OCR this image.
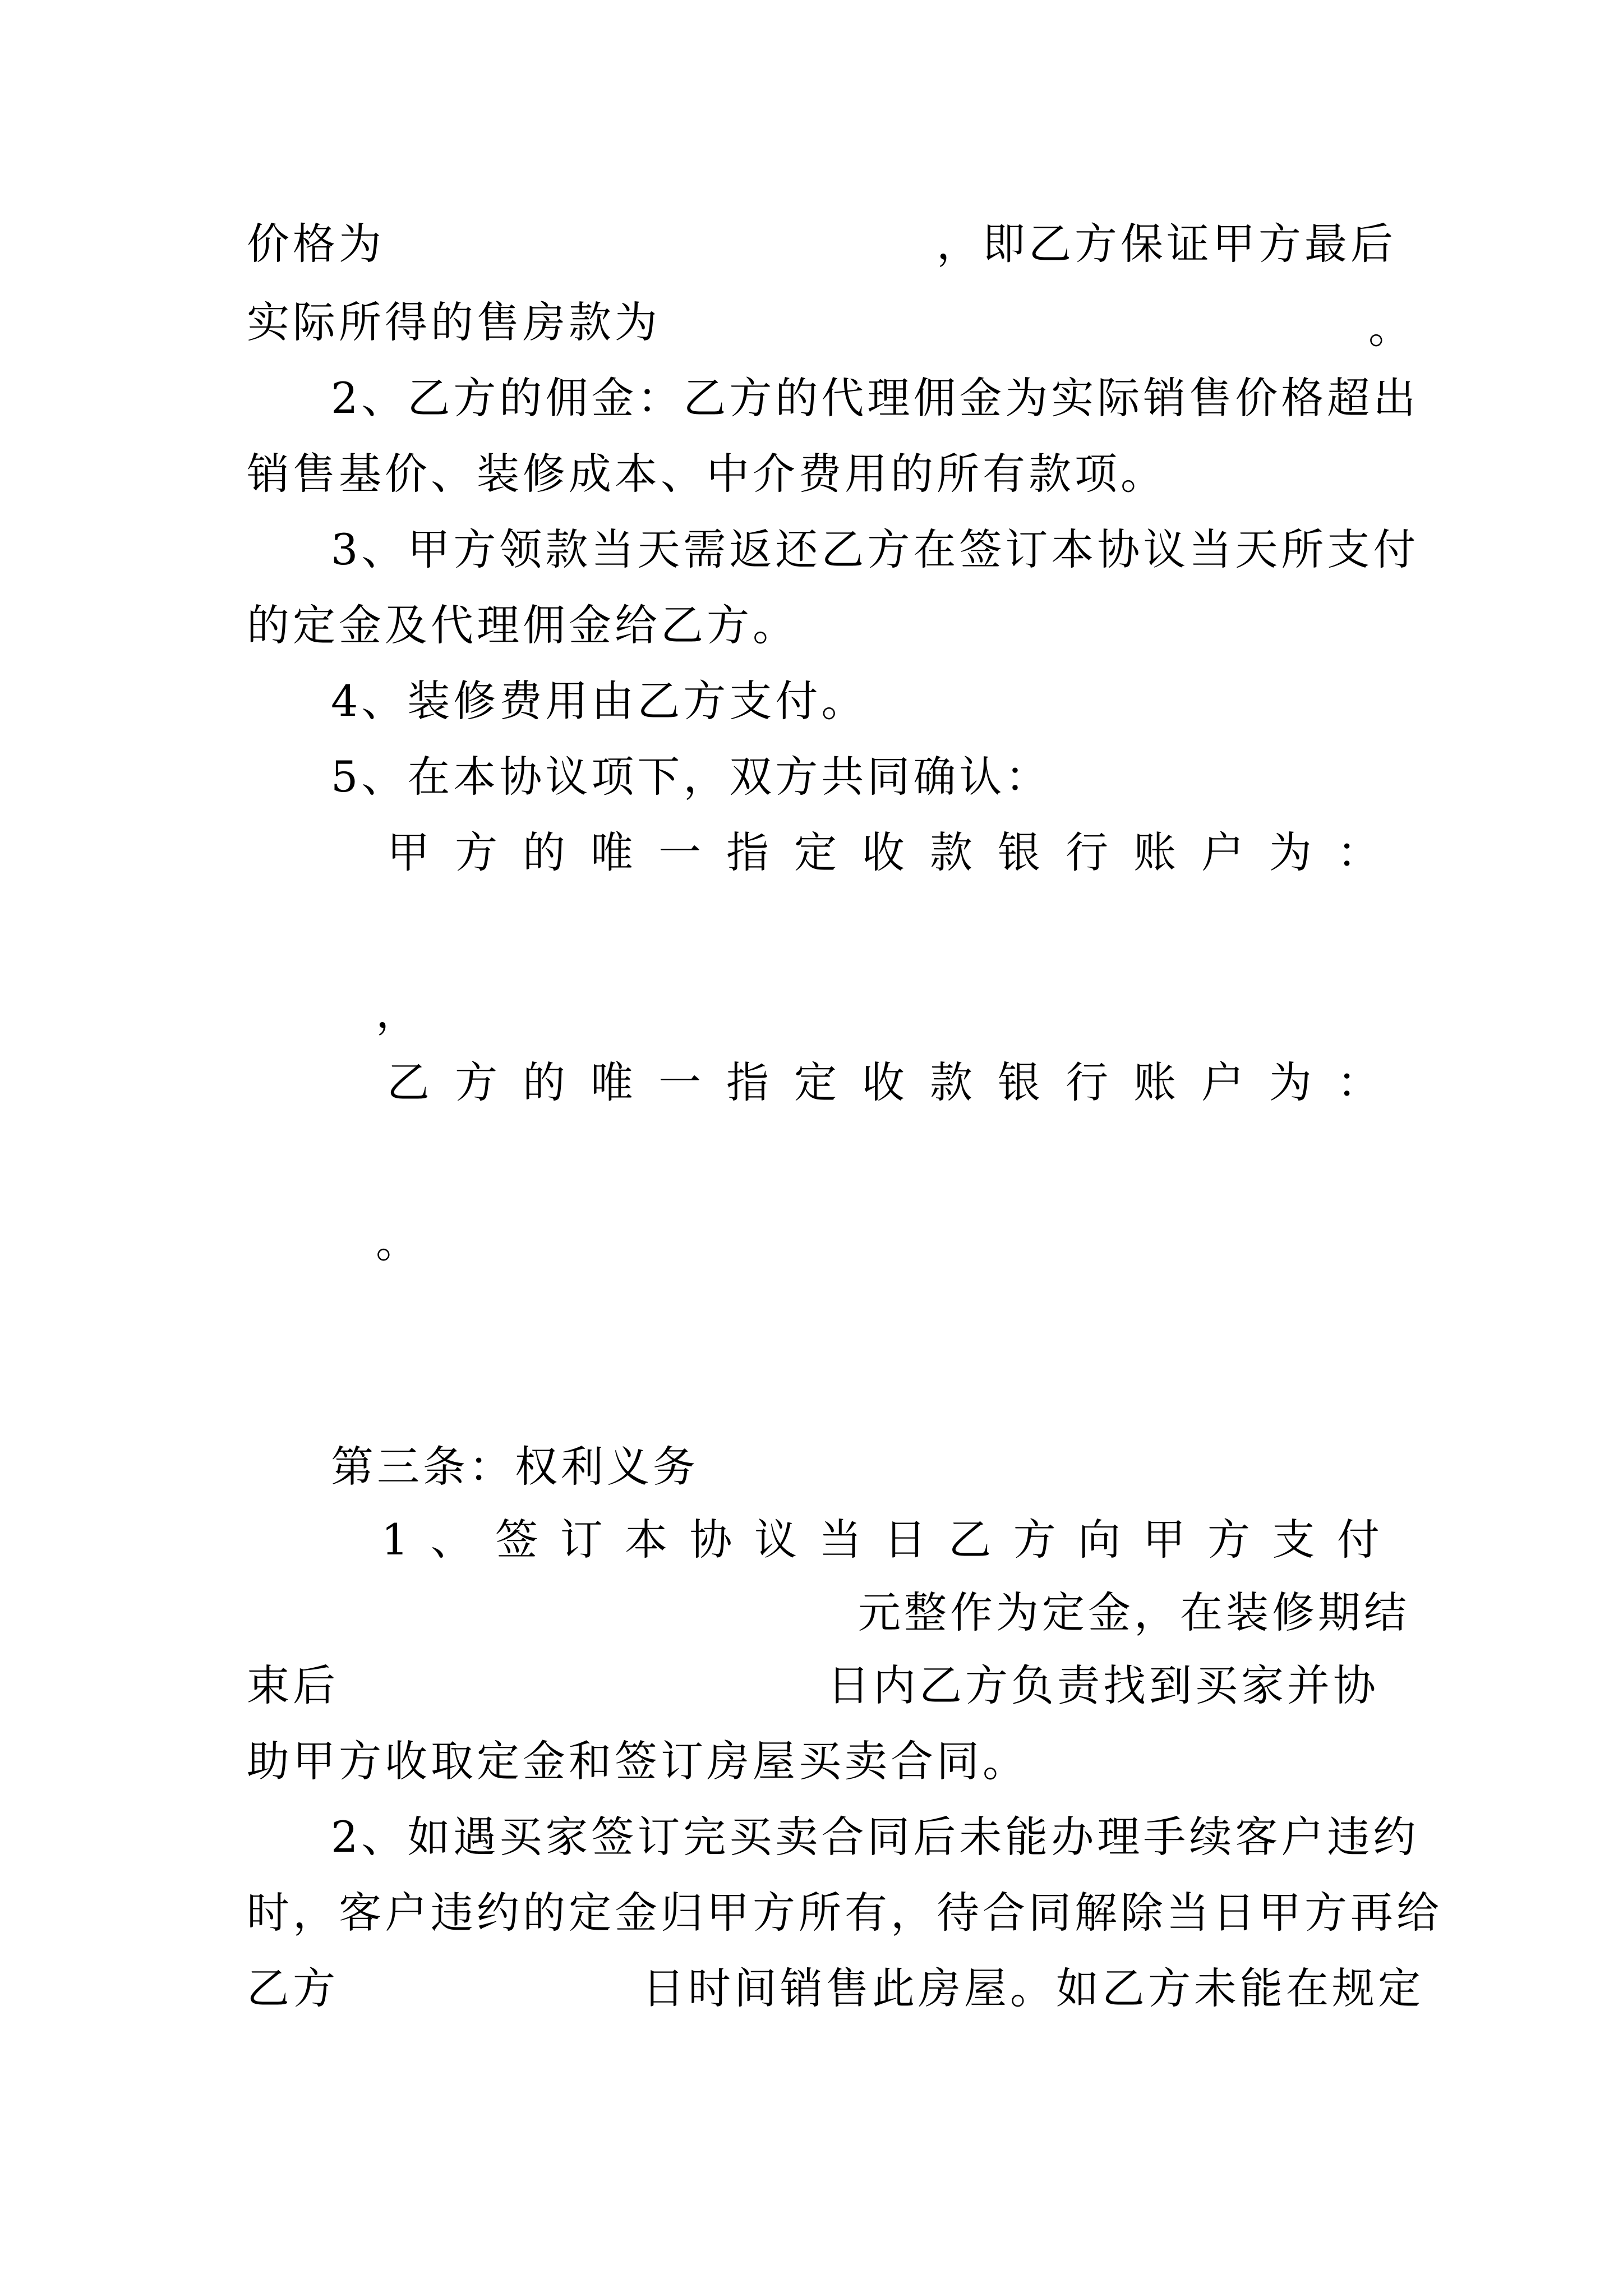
价格为	，即乙方保证甲方最后
实际所得的售房款为	。
2、乙方的佣金：乙方的代理佣金为实际销售价格超出
销售基价、装修成本、中介费用的所有款项。
3、甲方领款当天需返还乙方在签订本协议当天所支付
的定金及代理佣金给乙方。
4、装修费用由乙方支付。
5、在本协议项下，双方共同确认：
甲 方 的 唯 一 指 定 收 款 银 行 账 户 为 ：
，
乙 方 的 唯 一 指 定 收 款 银 行 账 户 为 ：
。
第三条：权利义务
1 、 签 订 本 协 议 当 日 乙 方 向 甲 方 支 付
元整作为定金，在装修期结
束后	日内乙方负责找到买家并协
助甲方收取定金和签订房屋买卖合同。
2、如遇买家签订完买卖合同后未能办理手续客户违约
时，客户违约的定金归甲方所有，待合同解除当日甲方再给
乙方	日时间销售此房屋。如乙方未能在规定
